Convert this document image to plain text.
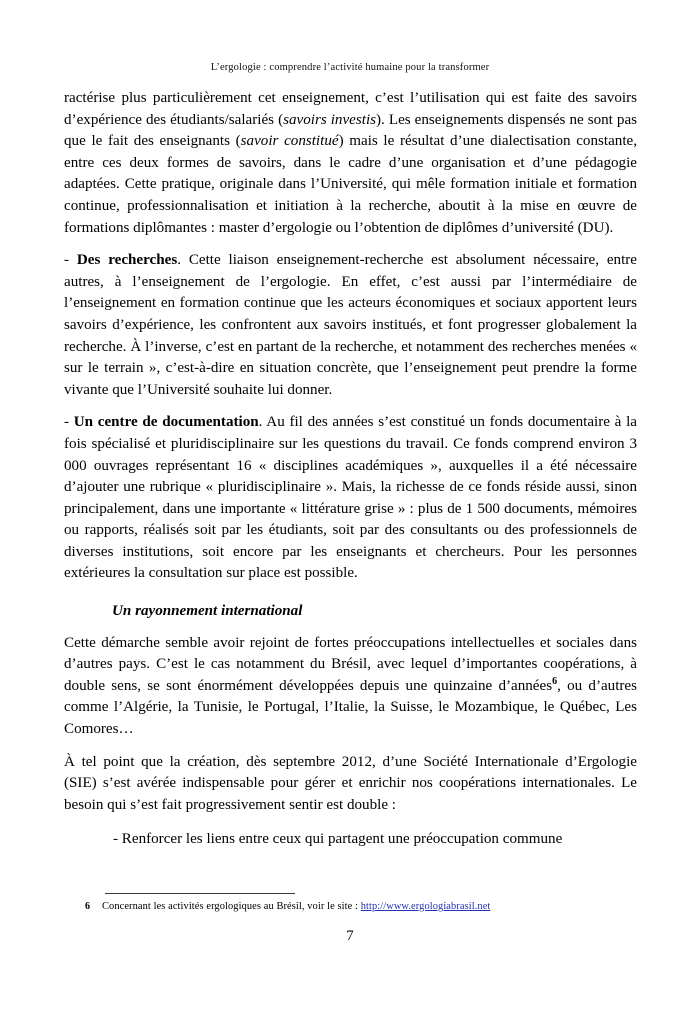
L’ergologie : comprendre l’activité humaine pour la transformer

ractérise plus particulièrement cet enseignement, c’est l’utilisation qui est faite des savoirs d’expérience des étudiants/salariés (savoirs investis). Les enseignements dispensés ne sont pas que le fait des enseignants (savoir constitué) mais le résultat d’une dialectisation constante, entre ces deux formes de savoirs, dans le cadre d’une organisation et d’une pédagogie adaptées. Cette pratique, originale dans l’Université, qui mêle formation initiale et formation continue, professionnalisation et initiation à la recherche, aboutit à la mise en œuvre de formations diplômantes : master d’ergologie ou l’obtention de diplômes d’université (DU).

- Des recherches. Cette liaison enseignement-recherche est absolument nécessaire, entre autres, à l’enseignement de l’ergologie. En effet, c’est aussi par l’intermédiaire de l’enseignement en formation continue que les acteurs économiques et sociaux apportent leurs savoirs d’expérience, les confrontent aux savoirs institués, et font progresser globalement la recherche. À l’inverse, c’est en partant de la recherche, et notamment des recherches menées « sur le terrain », c’est-à-dire en situation concrète, que l’enseignement peut prendre la forme vivante que l’Université souhaite lui donner.

- Un centre de documentation. Au fil des années s’est constitué un fonds documentaire à la fois spécialisé et pluridisciplinaire sur les questions du travail. Ce fonds comprend environ 3 000 ouvrages représentant 16 « disciplines académiques », auxquelles il a été nécessaire d’ajouter une rubrique « pluridisciplinaire ». Mais, la richesse de ce fonds réside aussi, sinon principalement, dans une importante « littérature grise » : plus de 1 500 documents, mémoires ou rapports, réalisés soit par les étudiants, soit par des consultants ou des professionnels de diverses institutions, soit encore par les enseignants et chercheurs. Pour les personnes extérieures la consultation sur place est possible.

Un rayonnement international

Cette démarche semble avoir rejoint de fortes préoccupations intellectuelles et sociales dans d’autres pays. C’est le cas notamment du Brésil, avec lequel d’importantes coopérations, à double sens, se sont énormément développées depuis une quinzaine d’années$^6$, ou d’autres comme l’Algérie, la Tunisie, le Portugal, l’Italie, la Suisse, le Mozambique, le Québec, Les Comores…

À tel point que la création, dès septembre 2012, d’une Société Internationale d’Ergologie (SIE) s’est avérée indispensable pour gérer et enrichir nos coopérations internationales. Le besoin qui s’est fait progressivement sentir est double :

- Renforcer les liens entre ceux qui partagent une préoccupation commune

6 Concernant les activités ergologiques au Brésil, voir le site : http://www.ergologiabrasil.net
7
